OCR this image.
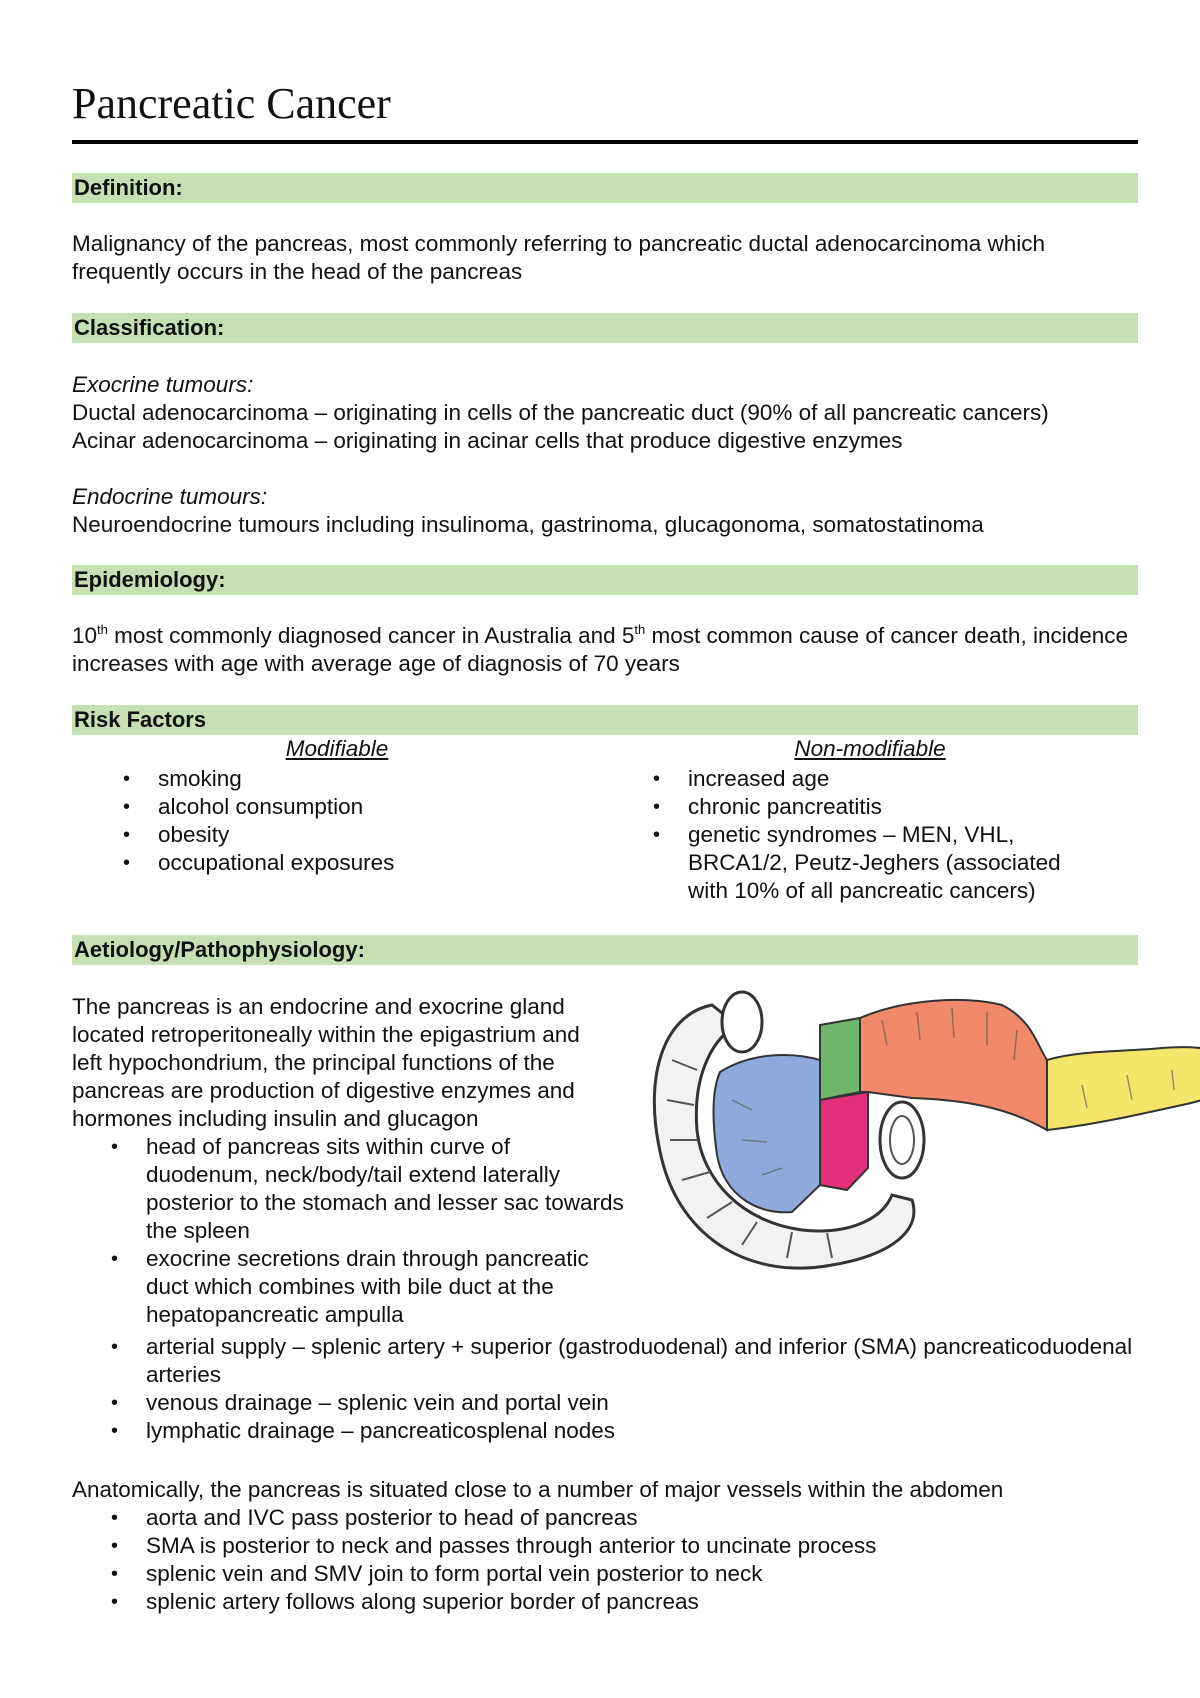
Pancreatic Cancer
Definition:

Malignancy of the pancreas, most commonly referring to pancreatic ductal adenocarcinoma which frequently occurs in the head of the pancreas

Classification:

Exocrine tumours:

Ductal adenocarcinoma – originating in cells of the pancreatic duct (90% of all pancreatic cancers)

Acinar adenocarcinoma – originating in acinar cells that produce digestive enzymes

Endocrine tumours:

Neuroendocrine tumours including insulinoma, gastrinoma, glucagonoma, somatostatinoma

Epidemiology:

10th most commonly diagnosed cancer in Australia and 5th most common cause of cancer death, incidence increases with age with average age of diagnosis of 70 years

Risk Factors
Modifiable
• smoking
• alcohol consumption
• obesity
• occupational exposures
Non-modifiable
• increased age
• chronic pancreatitis
• genetic syndromes – MEN, VHL, BRCA1/2, Peutz-Jeghers (associated with 10% of all pancreatic cancers)
Aetiology/Pathophysiology:

The pancreas is an endocrine and exocrine gland located retroperitoneally within the epigastrium and left hypochondrium, the principal functions of the pancreas are production of digestive enzymes and hormones including insulin and glucagon

• head of pancreas sits within curve of duodenum, neck/body/tail extend laterally posterior to the stomach and lesser sac towards the spleen
• exocrine secretions drain through pancreatic duct which combines with bile duct at the hepatopancreatic ampulla
• arterial supply – splenic artery + superior (gastroduodenal) and inferior (SMA) pancreaticoduodenal arteries
• venous drainage – splenic vein and portal vein
• lymphatic drainage – pancreaticosplenal nodes

Anatomically, the pancreas is situated close to a number of major vessels within the abdomen

• aorta and IVC pass posterior to head of pancreas
• SMA is posterior to neck and passes through anterior to uncinate process
• splenic vein and SMV join to form portal vein posterior to neck
• splenic artery follows along superior border of pancreas
